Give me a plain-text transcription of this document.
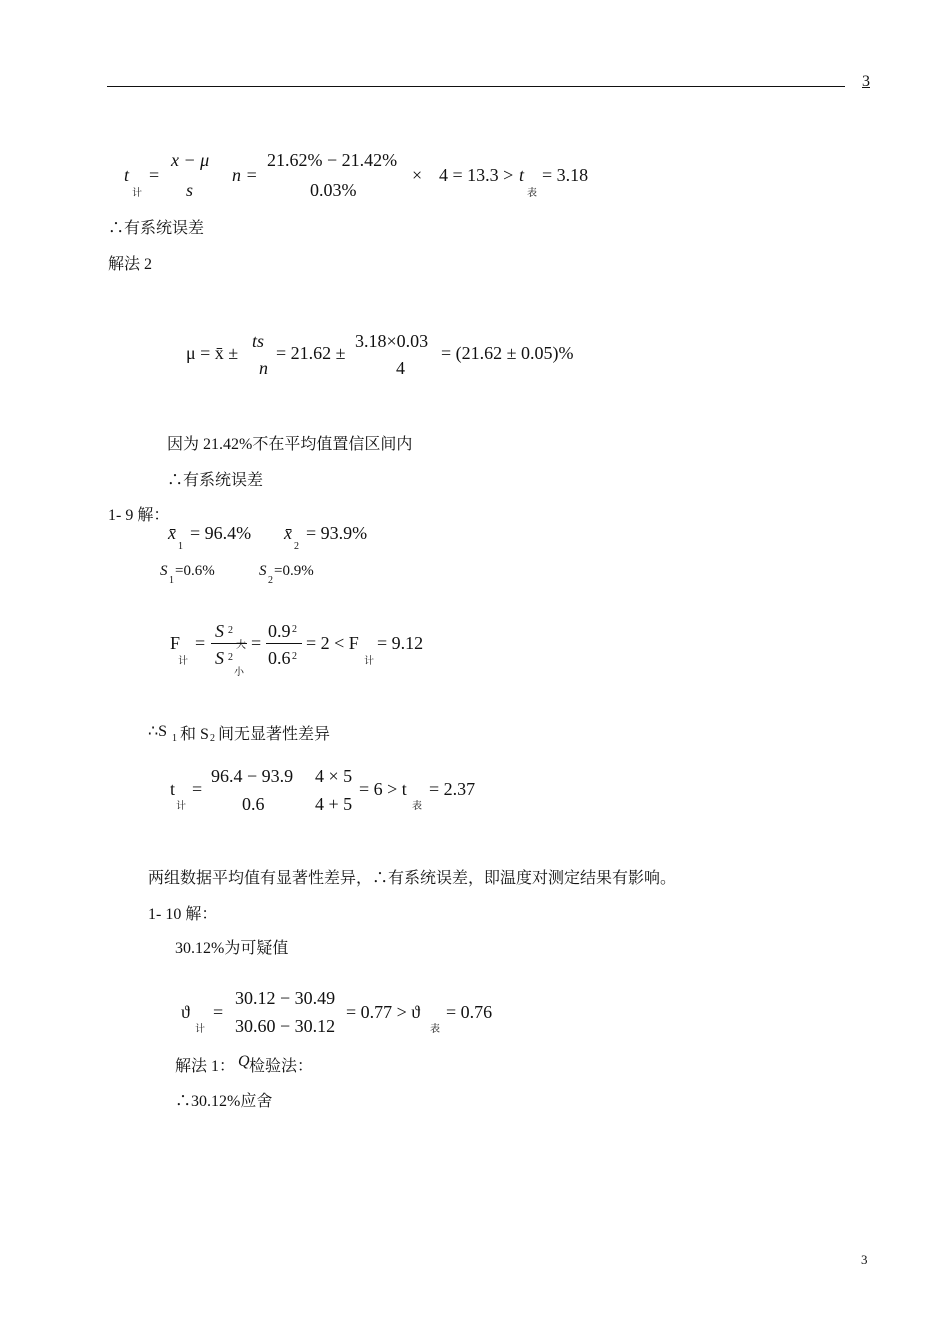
3
t
计
=
x − μ
s
n =
21.62% − 21.42%
0.03%
× 4 = 13.3 > t
表
= 3.18
∴有系统误差
解法 2
μ = x̄ ±
ts
n
= 21.62 ±
3.18×0.03
4
= (21.62 ± 0.05)%
因为 21.42%不在平均值置信区间内
∴有系统误差
1- 9 解：
x̄
1
= 96.4% x̄
2
= 93.9%
S
1
=0.6%	S
2
=0.9%
F
计
=
S 2
大
S 2
小
=
0.9 2
0.6 2
= 2 < F
计
= 9.12
∴S 1 和 S 2 间无显著性差异
t
计
=
96.4 − 93.9
0.6
4 × 5
4 + 5
= 6 > t
表
= 2.37
两组数据平均值有显著性差异，∴有系统误差，即温度对测定结果有影响。
1- 10 解：
30.12%为可疑值
ϑ
计
=
30.12 − 30.49
30.60 − 30.12
= 0.77 > ϑ
表
= 0.76
解法 1： Q 检验法：
∴30.12%应舍
3
